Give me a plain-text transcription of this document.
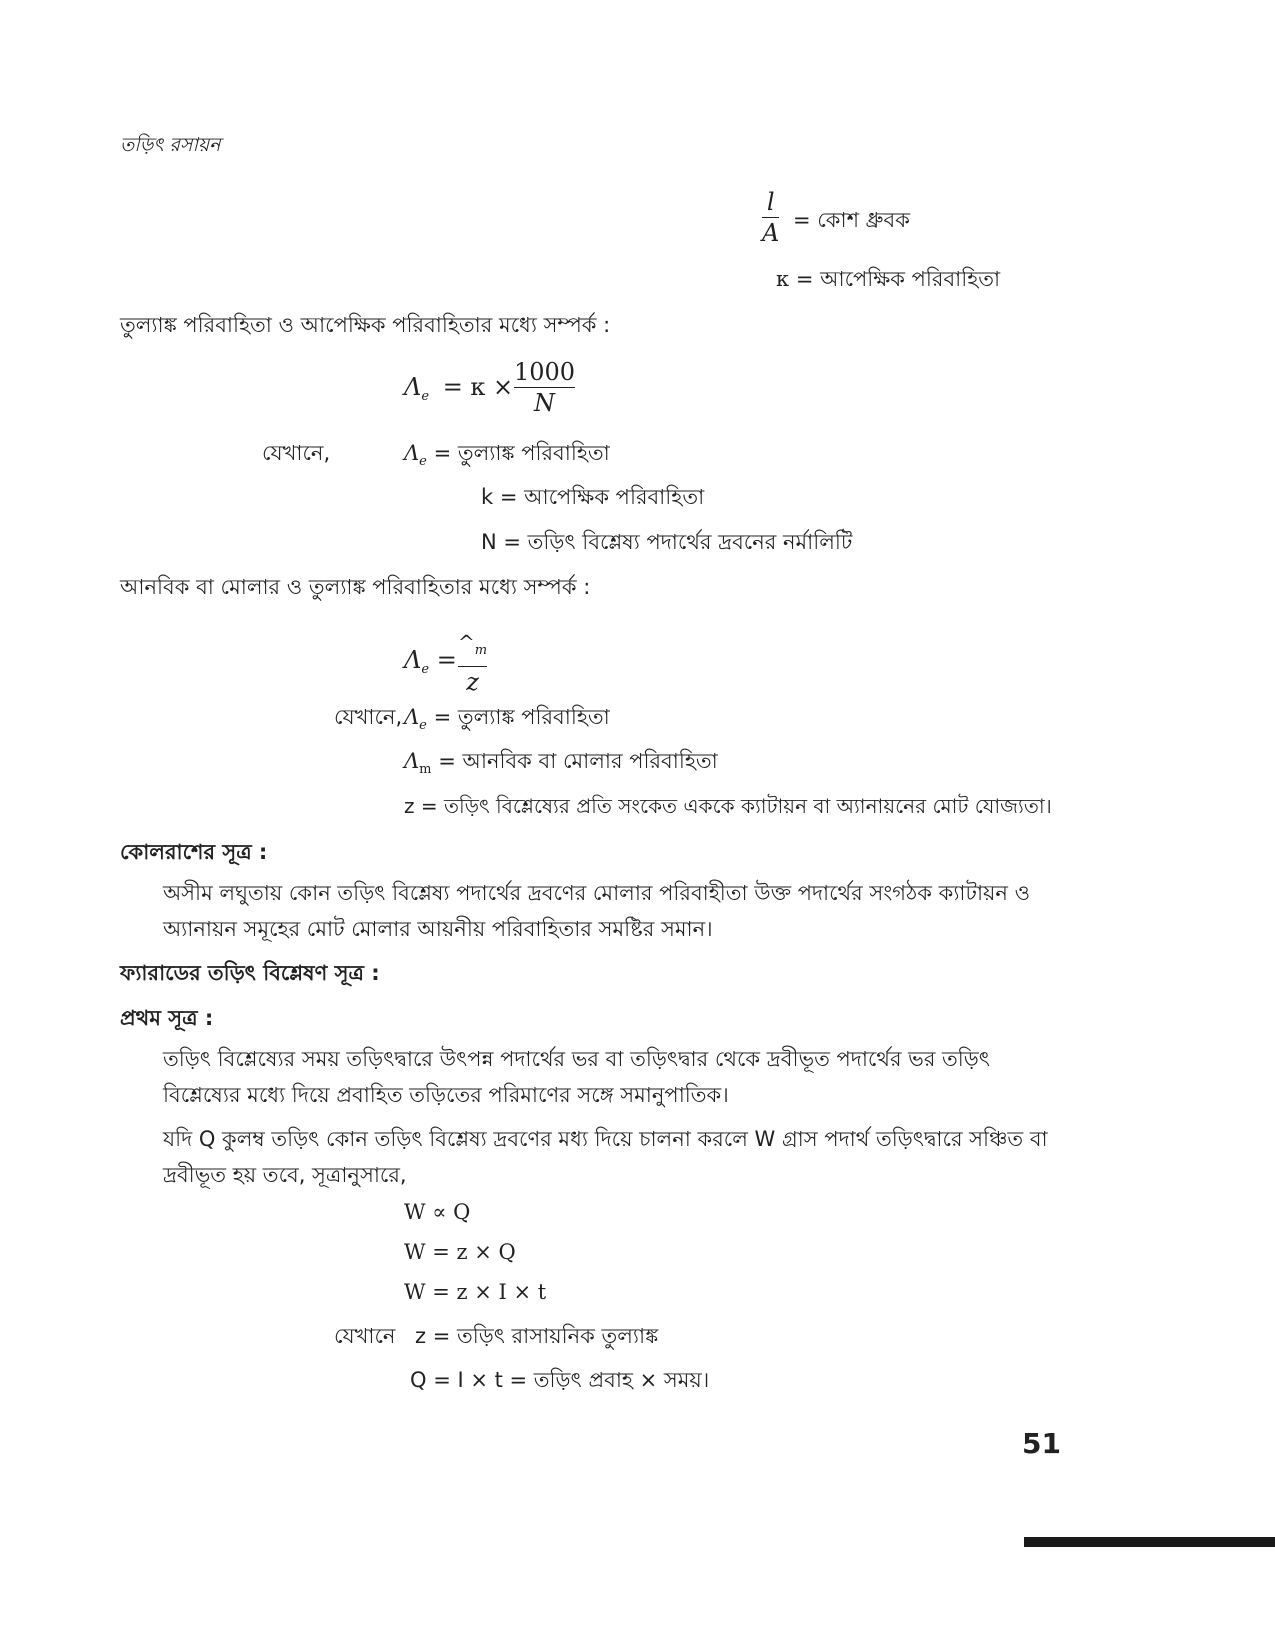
তড়িৎ রসায়ন
l
A = কোশ ধ্রুবক
κ = আপেক্ষিক পরিবাহিতা
তুল্যাঙ্ক পরিবাহিতা ও আপেক্ষিক পরিবাহিতার মধ্যে সম্পর্ক :
$\Lambda_e = \kappa$ ×
1000
N
যেখানে,	$\Lambda_e$ = তুল্যাঙ্ক পরিবাহিতা
k = আপেক্ষিক পরিবাহিতা
N = তড়িৎ বিশ্লেষ্য পদার্থের দ্রবনের নর্মালিটি
আনবিক বা মোলার ও তুল্যাঙ্ক পরিবাহিতার মধ্যে সম্পর্ক :
$\Lambda_e$ =
$\^{}_m$
z
যেখানে, $\Lambda_e$ = তুল্যাঙ্ক পরিবাহিতা
$\Lambda_m$ = আনবিক বা মোলার পরিবাহিতা
z = তড়িৎ বিশ্লেষ্যের প্রতি সংকেত এককে ক্যাটায়ন বা অ্যানায়নের মোট যোজ্যতা।
কোলরাশের সূত্র :
অসীম লঘুতায় কোন তড়িৎ বিশ্লেষ্য পদার্থের দ্রবণের মোলার পরিবাহীতা উক্ত পদার্থের সংগঠক ক্যাটায়ন ও অ্যানায়ন সমূহের মোট মোলার আয়নীয় পরিবাহিতার সমষ্টির সমান।
ফ্যারাডের তড়িৎ বিশ্লেষণ সূত্র :
প্রথম সূত্র :
তড়িৎ বিশ্লেষ্যের সময় তড়িৎদ্বারে উৎপন্ন পদার্থের ভর বা তড়িৎদ্বার থেকে দ্রবীভূত পদার্থের ভর তড়িৎ বিশ্লেষ্যের মধ্যে দিয়ে প্রবাহিত তড়িতের পরিমাণের সঙ্গে সমানুপাতিক।
যদি Q কুলম্ব তড়িৎ কোন তড়িৎ বিশ্লেষ্য দ্রবণের মধ্য দিয়ে চালনা করলে W গ্রাস পদার্থ তড়িৎদ্বারে সঞ্চিত বা দ্রবীভূত হয় তবে, সূত্রানুসারে,
W ∝ Q
W = z × Q
W = z × I × t
যেখানে z = তড়িৎ রাসায়নিক তুল্যাঙ্ক
Q = I × t = তড়িৎ প্রবাহ × সময়।
51
